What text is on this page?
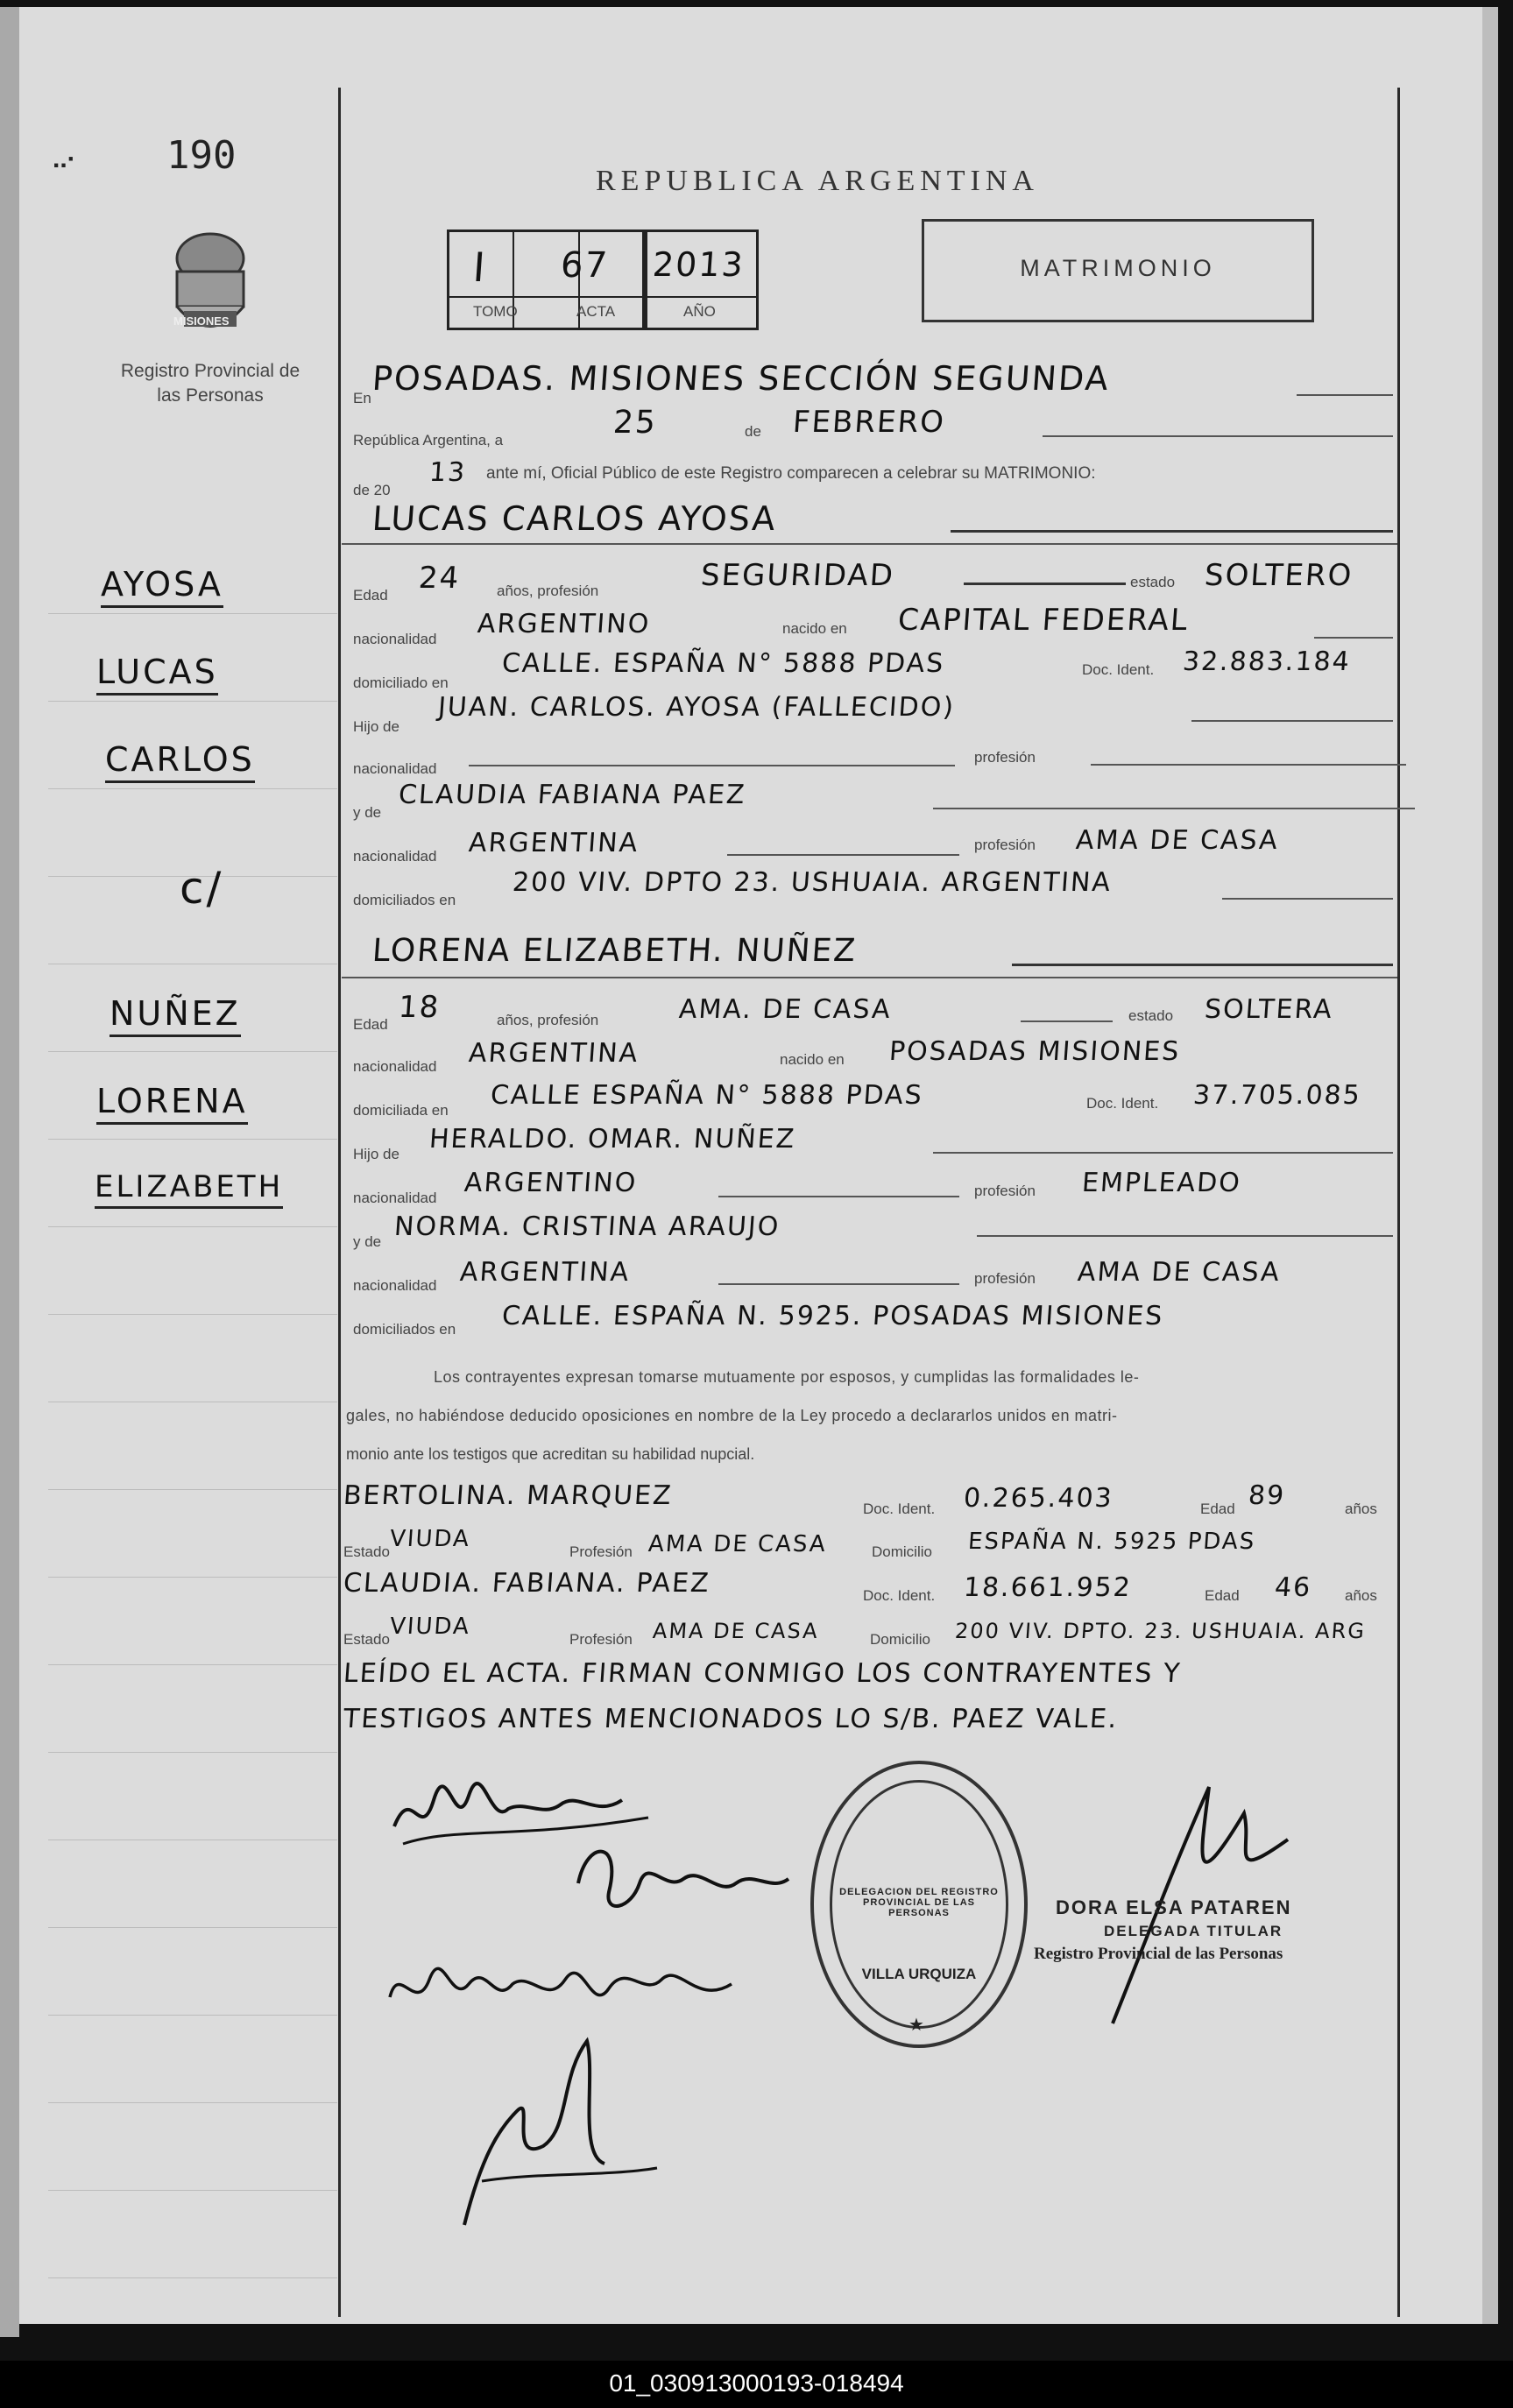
..· 190
MISIONES
Registro Provincial de las Personas
REPUBLICA ARGENTINA
MATRIMONIO
I 67 2013
TOMO	ACTA	AÑO
En
POSADAS. MISIONES SECCIÓN SEGUNDA
República Argentina, a	25	de FEBRERO
de 20
13 ante mí, Oficial Público de este Registro comparecen a celebrar su MATRIMONIO:
LUCAS CARLOS AYOSA
Edad 24 años, profesión	SEGURIDAD	estado SOLTERO
nacionalidad ARGENTINO	nacido en CAPITAL FEDERAL
domiciliado en
CALLE. ESPAÑA N° 5888 PDAS	Doc. Ident. 32.883.184
Hijo de
JUAN. CARLOS. AYOSA (FALLECIDO)
nacionalidad
profesión
y de
CLAUDIA FABIANA PAEZ
nacionalidad ARGENTINA	profesión AMA DE CASA
domiciliados en
200 VIV. DPTO 23. USHUAIA. ARGENTINA
LORENA ELIZABETH. NUÑEZ
Edad 18	años, profesión	AMA. DE CASA	estado SOLTERA
nacionalidad ARGENTINA	nacido en POSADAS MISIONES
domiciliada en CALLE ESPAÑA N° 5888 PDAS	Doc. Ident. 37.705.085
Hijo de HERALDO. OMAR. NUÑEZ
nacionalidad ARGENTINO	profesión EMPLEADO
y de NORMA. CRISTINA ARAUJO
nacionalidad ARGENTINA	profesión AMA DE CASA
domiciliados en CALLE. ESPAÑA N. 5925. POSADAS MISIONES
AYOSA
LUCAS
CARLOS
c/
NUÑEZ
LORENA
ELIZABETH
Los contrayentes expresan tomarse mutuamente por esposos, y cumplidas las formalidades le-
gales, no habiéndose deducido oposiciones en nombre de la Ley procedo a declararlos unidos en matri-
monio ante los testigos que acreditan su habilidad nupcial.
BERTOLINA. MARQUEZ	Doc. Ident. 0.265.403	Edad 89	años
Estado VIUDA	Profesión AMA DE CASA	Domicilio ESPAÑA N. 5925 PDAS
CLAUDIA. FABIANA. PAEZ	Doc. Ident. 18.661.952	Edad 46 años
Estado VIUDA	Profesión AMA DE CASA	Domicilio 200 VIV. DPTO. 23. USHUAIA. ARG
LEÍDO EL ACTA. FIRMAN CONMIGO LOS CONTRAYENTES Y
TESTIGOS ANTES MENCIONADOS LO S/B. PAEZ VALE.
DELEGACION DEL REGISTRO PROVINCIAL DE LAS PERSONAS
VILLA URQUIZA
★
DORA ELSA PATAREN
DELEGADA TITULAR
Registro Provincial de las Personas
01_030913000193-018494
